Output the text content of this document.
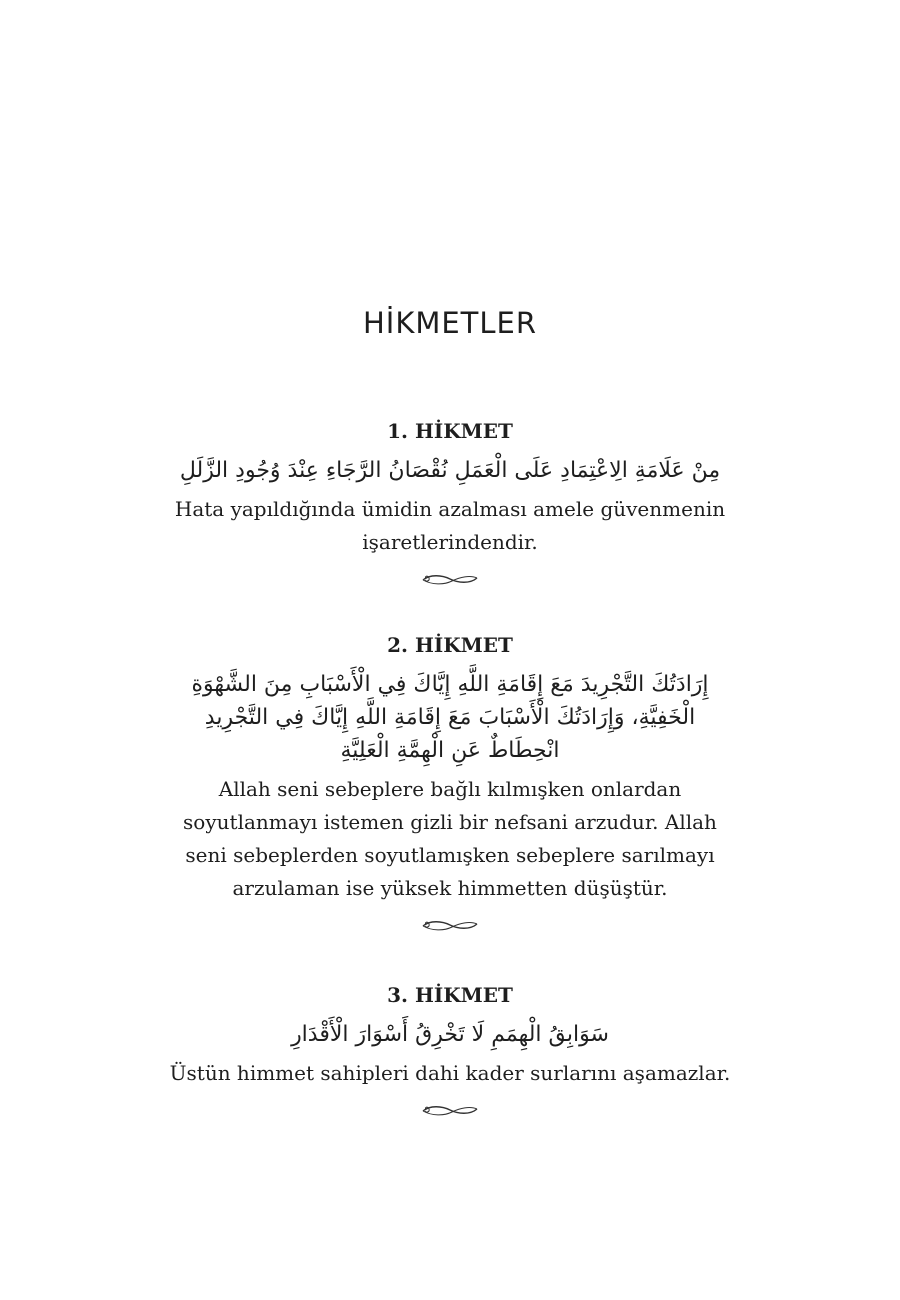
HİKMETLER
1. HİKMET

مِنْ عَلَامَةِ الِاعْتِمَادِ عَلَى الْعَمَلِ نُقْصَانُ الرَّجَاءِ عِنْدَ وُجُودِ الزَّلَلِ

Hata yapıldığında ümidin azalması amele güvenmenin işaretlerindendir.

2. HİKMET

إِرَادَتُكَ التَّجْرِيدَ مَعَ إِقَامَةِ اللَّهِ إِيَّاكَ فِي الْأَسْبَابِ مِنَ الشَّهْوَةِ الْخَفِيَّةِ، وَإِرَادَتُكَ الْأَسْبَابَ مَعَ إِقَامَةِ اللَّهِ إِيَّاكَ فِي التَّجْرِيدِ انْحِطَاطٌ عَنِ الْهِمَّةِ الْعَلِيَّةِ

Allah seni sebeplere bağlı kılmışken onlardan soyutlanmayı istemen gizli bir nefsani arzudur. Allah seni sebeplerden soyutlamışken sebeplere sarılmayı arzulaman ise yüksek himmetten düşüştür.

3. HİKMET

سَوَابِقُ الْهِمَمِ لَا تَخْرِقُ أَسْوَارَ الْأَقْدَارِ

Üstün himmet sahipleri dahi kader surlarını aşamazlar.
